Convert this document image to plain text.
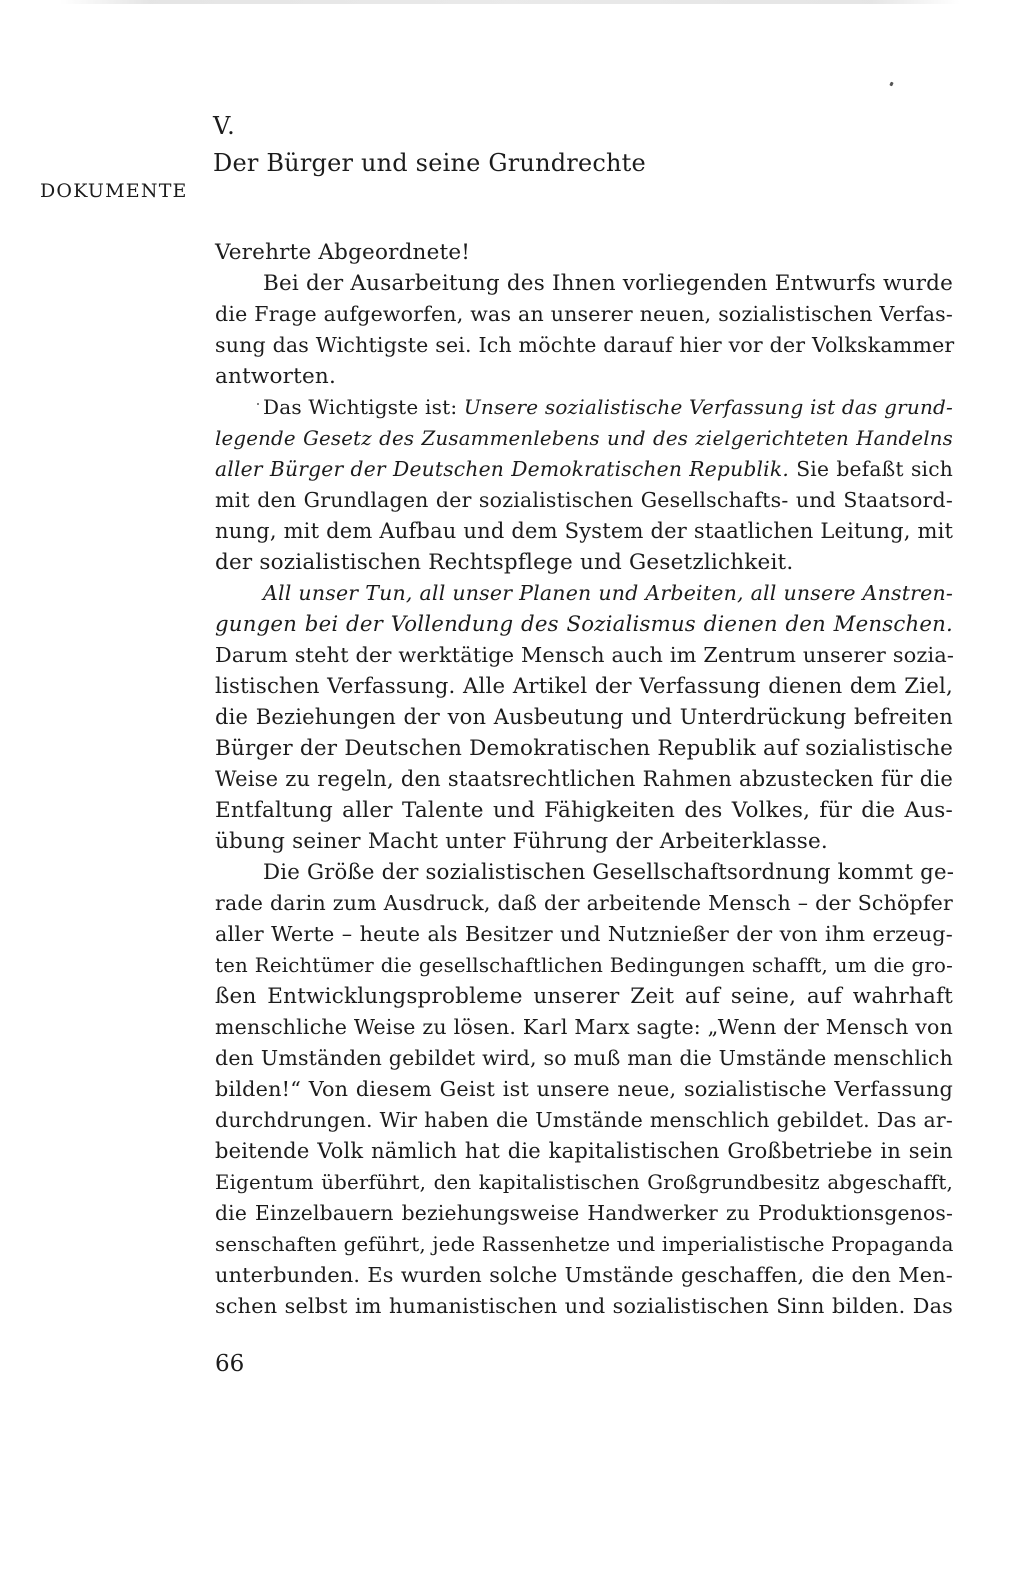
V.
Der Bürger und seine Grundrechte
DOKUMENTE
Verehrte Abgeordnete!
Bei der Ausarbeitung des Ihnen vorliegenden Entwurfs wurde
die Frage aufgeworfen, was an unserer neuen, sozialistischen Verfas-
sung das Wichtigste sei. Ich möchte darauf hier vor der Volkskammer
antworten.
Das Wichtigste ist: Unsere sozialistische Verfassung ist das grund-
legende Gesetz des Zusammenlebens und des zielgerichteten Handelns
aller Bürger der Deutschen Demokratischen Republik. Sie befaßt sich
mit den Grundlagen der sozialistischen Gesellschafts- und Staatsord-
nung, mit dem Aufbau und dem System der staatlichen Leitung, mit
der sozialistischen Rechtspflege und Gesetzlichkeit.
All unser Tun, all unser Planen und Arbeiten, all unsere Anstren-
gungen bei der Vollendung des Sozialismus dienen den Menschen.
Darum steht der werktätige Mensch auch im Zentrum unserer sozia-
listischen Verfassung. Alle Artikel der Verfassung dienen dem Ziel,
die Beziehungen der von Ausbeutung und Unterdrückung befreiten
Bürger der Deutschen Demokratischen Republik auf sozialistische
Weise zu regeln, den staatsrechtlichen Rahmen abzustecken für die
Entfaltung aller Talente und Fähigkeiten des Volkes, für die Aus-
übung seiner Macht unter Führung der Arbeiterklasse.
Die Größe der sozialistischen Gesellschaftsordnung kommt ge-
rade darin zum Ausdruck, daß der arbeitende Mensch – der Schöpfer
aller Werte – heute als Besitzer und Nutznießer der von ihm erzeug-
ten Reichtümer die gesellschaftlichen Bedingungen schafft, um die gro-
ßen Entwicklungsprobleme unserer Zeit auf seine, auf wahrhaft
menschliche Weise zu lösen. Karl Marx sagte: „Wenn der Mensch von
den Umständen gebildet wird, so muß man die Umstände menschlich
bilden!“ Von diesem Geist ist unsere neue, sozialistische Verfassung
durchdrungen. Wir haben die Umstände menschlich gebildet. Das ar-
beitende Volk nämlich hat die kapitalistischen Großbetriebe in sein
Eigentum überführt, den kapitalistischen Großgrundbesitz abgeschafft,
die Einzelbauern beziehungsweise Handwerker zu Produktionsgenos-
senschaften geführt, jede Rassenhetze und imperialistische Propaganda
unterbunden. Es wurden solche Umstände geschaffen, die den Men-
schen selbst im humanistischen und sozialistischen Sinn bilden. Das
66
